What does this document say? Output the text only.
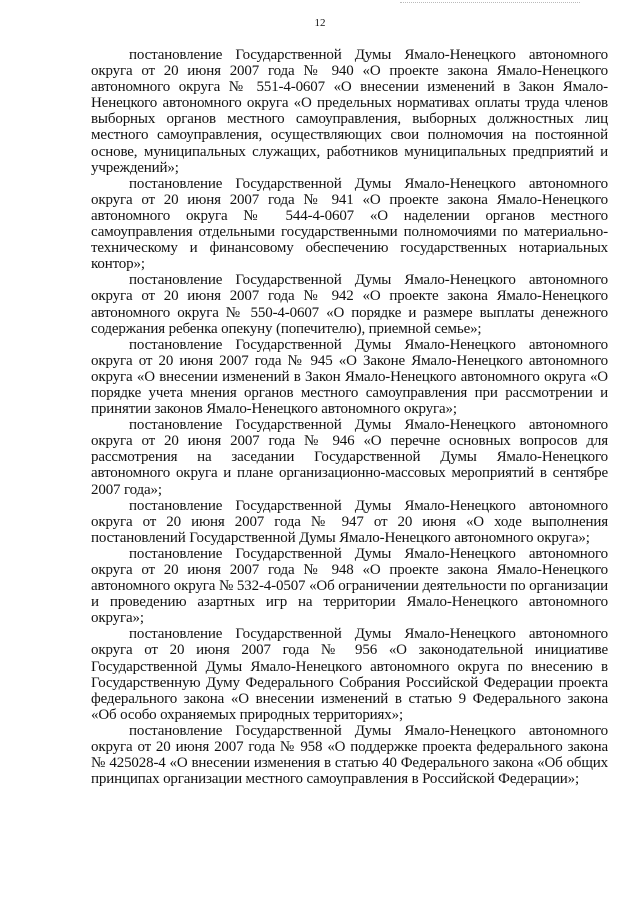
12

постановление Государственной Думы Ямало-Ненецкого автономного округа от 20 июня 2007 года № 940 «О проекте закона Ямало-Ненецкого автономного округа № 551-4-0607 «О внесении изменений в Закон Ямало-Ненецкого автономного округа «О предельных нормативах оплаты труда членов выборных органов местного самоуправления, выборных должностных лиц местного самоуправления, осуществляющих свои полномочия на постоянной основе, муниципальных служащих, работников муниципальных предприятий и учреждений»;

постановление Государственной Думы Ямало-Ненецкого автономного округа от 20 июня 2007 года № 941 «О проекте закона Ямало-Ненецкого автономного округа № 544-4-0607 «О наделении органов местного самоуправления отдельными государственными полномочиями по материально-техническому и финансовому обеспечению государственных нотариальных контор»;

постановление Государственной Думы Ямало-Ненецкого автономного округа от 20 июня 2007 года № 942 «О проекте закона Ямало-Ненецкого автономного округа № 550-4-0607 «О порядке и размере выплаты денежного содержания ребенка опекуну (попечителю), приемной семье»;

постановление Государственной Думы Ямало-Ненецкого автономного округа от 20 июня 2007 года № 945 «О Законе Ямало-Ненецкого автономного округа «О внесении изменений в Закон Ямало-Ненецкого автономного округа «О порядке учета мнения органов местного самоуправления при рассмотрении и принятии законов Ямало-Ненецкого автономного округа»;

постановление Государственной Думы Ямало-Ненецкого автономного округа от 20 июня 2007 года № 946 «О перечне основных вопросов для рассмотрения на заседании Государственной Думы Ямало-Ненецкого автономного округа и плане организационно-массовых мероприятий в сентябре 2007 года»;

постановление Государственной Думы Ямало-Ненецкого автономного округа от 20 июня 2007 года № 947 от 20 июня «О ходе выполнения постановлений Государственной Думы Ямало-Ненецкого автономного округа»;

постановление Государственной Думы Ямало-Ненецкого автономного округа от 20 июня 2007 года № 948 «О проекте закона Ямало-Ненецкого автономного округа № 532-4-0507 «Об ограничении деятельности по организации и проведению азартных игр на территории Ямало-Ненецкого автономного округа»;

постановление Государственной Думы Ямало-Ненецкого автономного округа от 20 июня 2007 года № 956 «О законодательной инициативе Государственной Думы Ямало-Ненецкого автономного округа по внесению в Государственную Думу Федерального Собрания Российской Федерации проекта федерального закона «О внесении изменений в статью 9 Федерального закона «Об особо охраняемых природных территориях»;

постановление Государственной Думы Ямало-Ненецкого автономного округа от 20 июня 2007 года № 958 «О поддержке проекта федерального закона № 425028-4 «О внесении изменения в статью 40 Федерального закона «Об общих принципах организации местного самоуправления в Российской Федерации»;
